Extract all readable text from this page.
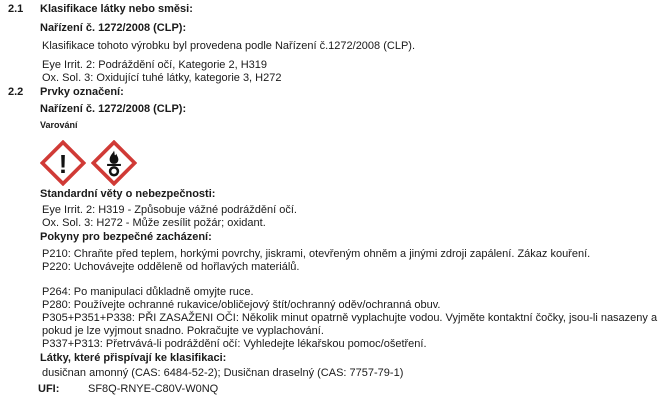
2.1 Klasifikace látky nebo směsi:
Nařízení č. 1272/2008 (CLP):
Klasifikace tohoto výrobku byl provedena podle Nařízení č.1272/2008 (CLP).
Eye Irrit. 2: Podráždění očí, Kategorie 2, H319
Ox. Sol. 3: Oxidující tuhé látky, kategorie 3, H272
2.2 Prvky označení:
Nařízení č. 1272/2008 (CLP):
Varování
!
Standardní věty o nebezpečnosti:
Eye Irrit. 2: H319 - Způsobuje vážné podráždění očí.
Ox. Sol. 3: H272 - Může zesílit požár; oxidant.
Pokyny pro bezpečné zacházení:
P210: Chraňte před teplem, horkými povrchy, jiskrami, otevřeným ohněm a jinými zdroji zapálení. Zákaz kouření.
P220: Uchovávejte odděleně od hořlavých materiálů.
P264: Po manipulaci důkladně omyjte ruce.
P280: Používejte ochranné rukavice/obličejový štít/ochranný oděv/ochranná obuv.
P305+P351+P338: PŘI ZASAŽENI OČI: Několik minut opatrně vyplachujte vodou. Vyjměte kontaktní čočky, jsou-li nasazeny a pokud je lze vyjmout snadno. Pokračujte ve vyplachování.
P337+P313: Přetrvává-li podráždění očí: Vyhledejte lékařskou pomoc/ošetření.
Látky, které přispívají ke klasifikaci:
dusičnan amonný (CAS: 6484-52-2); Dusičnan draselný (CAS: 7757-79-1)
UFI:	SF8Q-RNYE-C80V-W0NQ
